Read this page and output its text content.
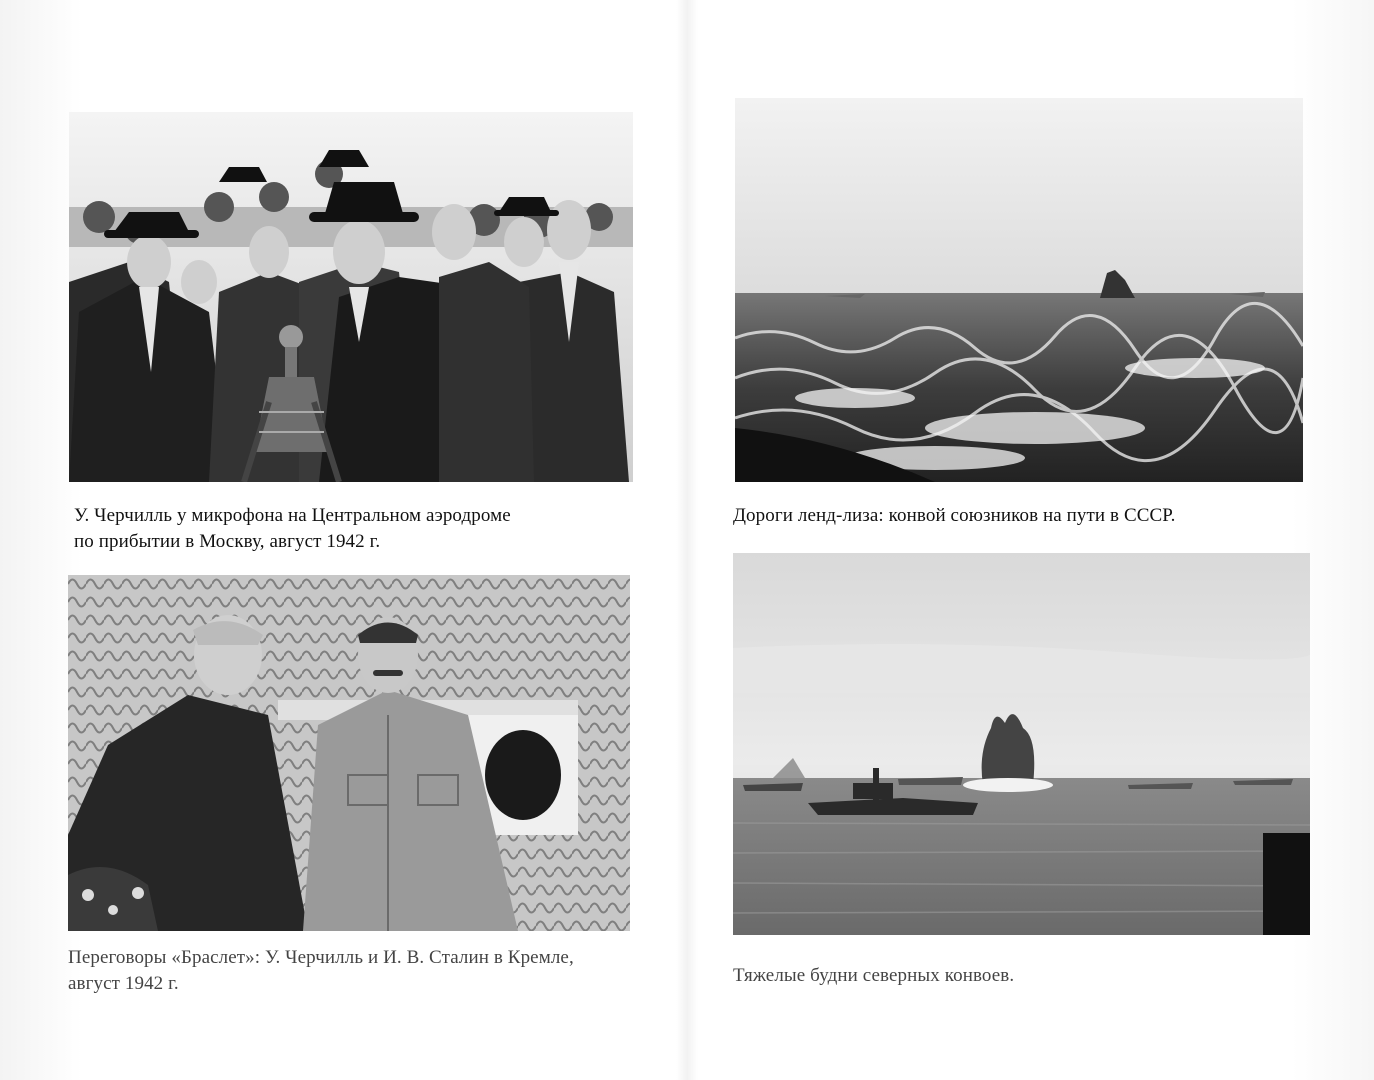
У. Черчилль у микрофона на Центральном аэродроме
по прибытии в Москву, август 1942 г.
Дороги ленд-лиза: конвой союзников на пути в СССР.
Переговоры «Браслет»: У. Черчилль и И. В. Сталин в Кремле,
август 1942 г.	Тяжелые будни северных конвоев.
